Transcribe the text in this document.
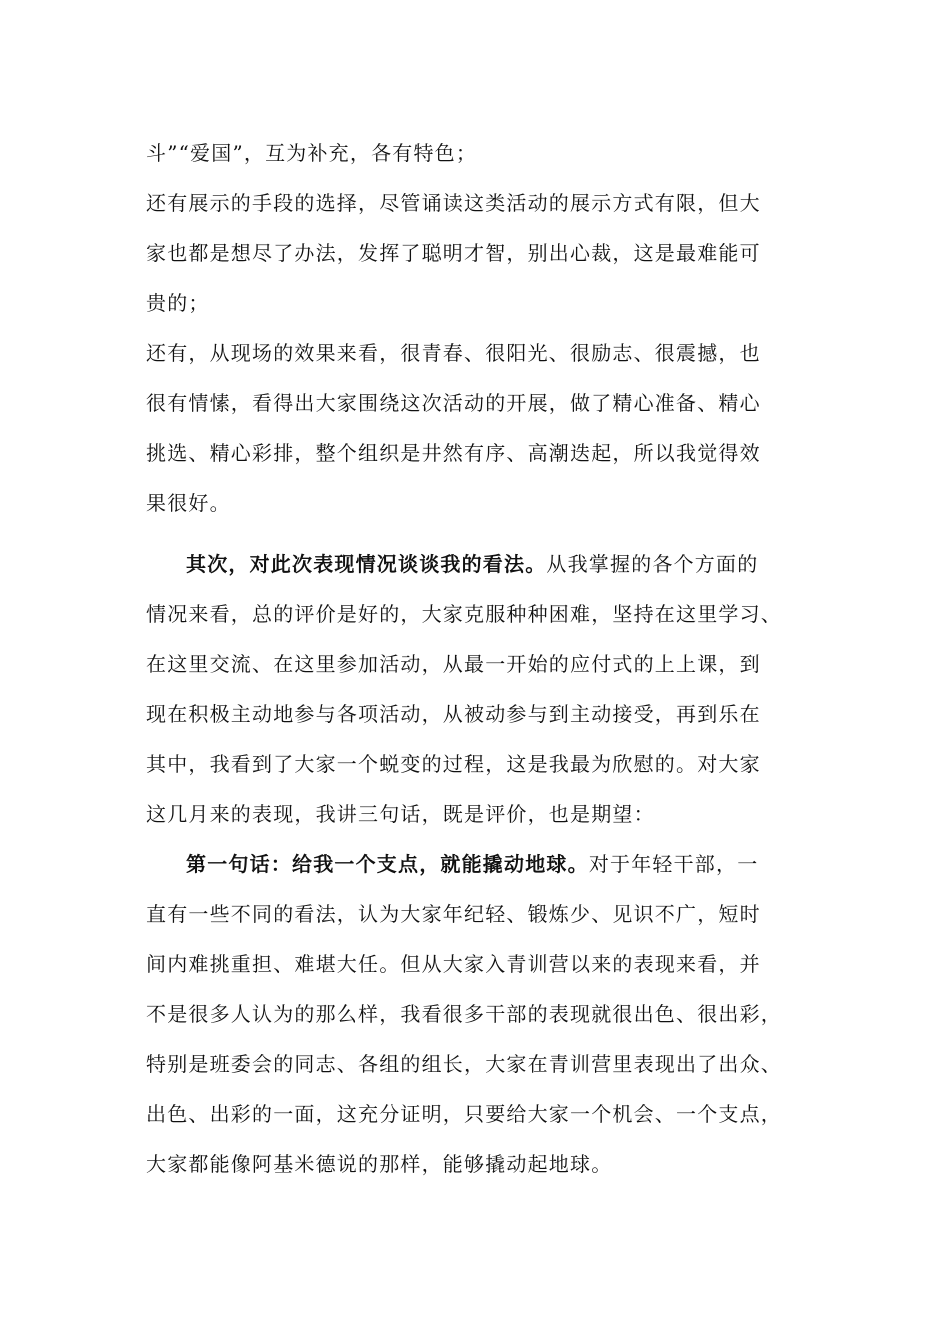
斗”“爱国”，互为补充，各有特色；
还有展示的手段的选择，尽管诵读这类活动的展示方式有限，但大
家也都是想尽了办法，发挥了聪明才智，别出心裁，这是最难能可
贵的；
还有，从现场的效果来看，很青春、很阳光、很励志、很震撼，也
很有情愫，看得出大家围绕这次活动的开展，做了精心准备、精心
挑选、精心彩排，整个组织是井然有序、高潮迭起，所以我觉得效
果很好。
其次，对此次表现情况谈谈我的看法。从我掌握的各个方面的
情况来看，总的评价是好的，大家克服种种困难，坚持在这里学习、
在这里交流、在这里参加活动，从最一开始的应付式的上上课，到
现在积极主动地参与各项活动，从被动参与到主动接受，再到乐在
其中，我看到了大家一个蜕变的过程，这是我最为欣慰的。对大家
这几月来的表现，我讲三句话，既是评价，也是期望：
第一句话：给我一个支点，就能撬动地球。对于年轻干部，一
直有一些不同的看法，认为大家年纪轻、锻炼少、见识不广，短时
间内难挑重担、难堪大任。但从大家入青训营以来的表现来看，并
不是很多人认为的那么样，我看很多干部的表现就很出色、很出彩，
特别是班委会的同志、各组的组长，大家在青训营里表现出了出众、
出色、出彩的一面，这充分证明，只要给大家一个机会、一个支点，
大家都能像阿基米德说的那样，能够撬动起地球。
